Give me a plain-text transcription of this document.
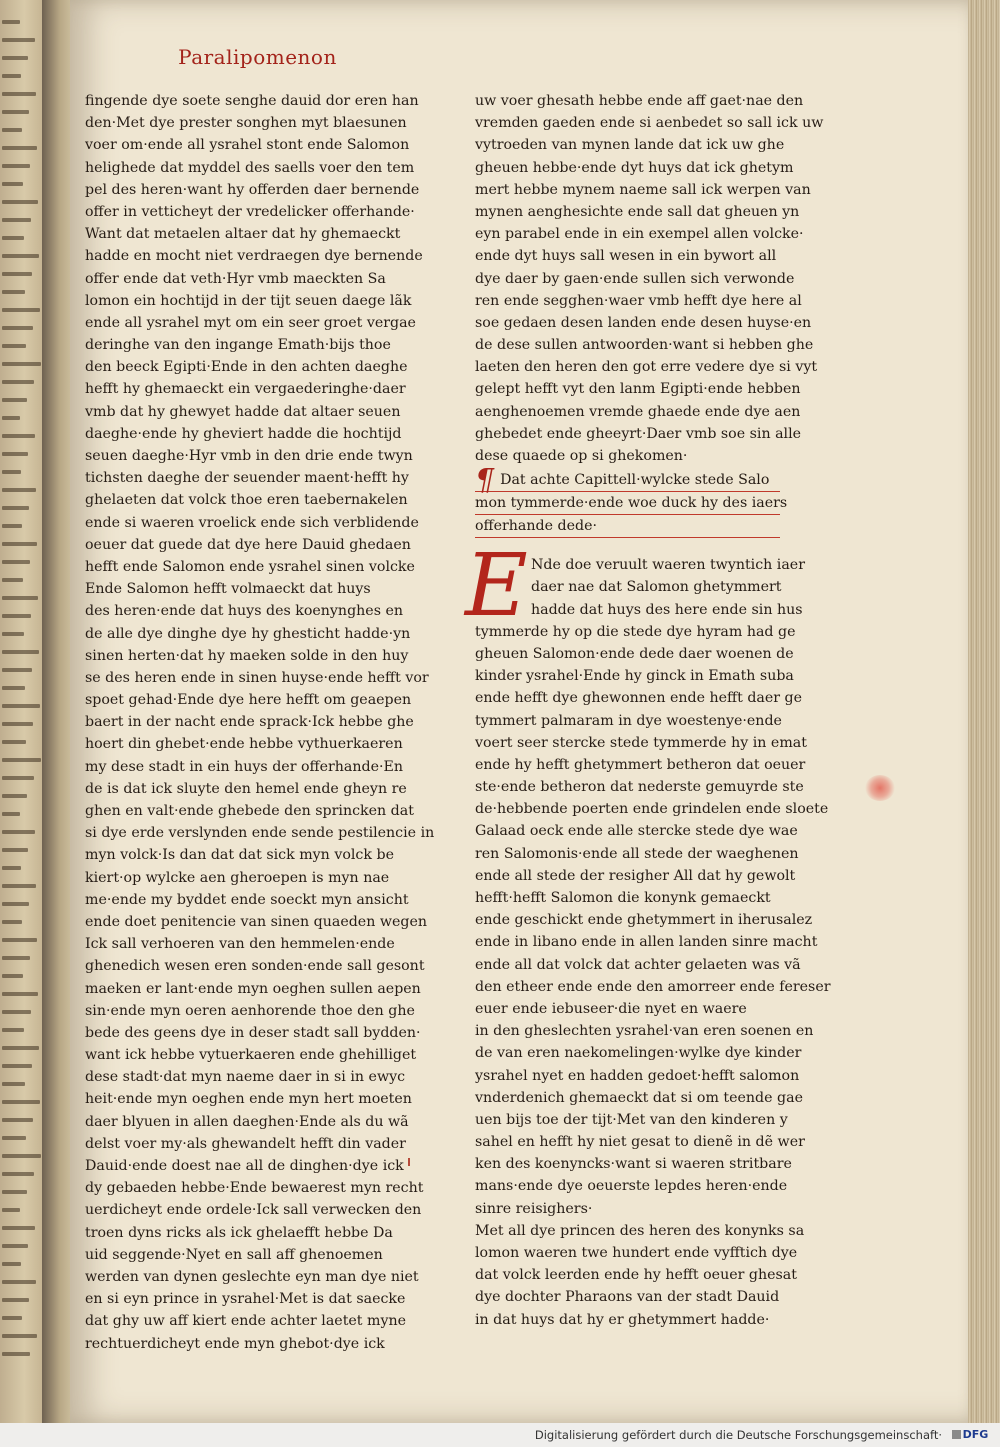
Paralipomenon
fingende dye soete senghe dauid dor eren han
den·Met dye prester songhen myt blaesunen
voer om·ende all ysrahel stont ende Salomon
helighede dat myddel des saells voer den tem
pel des heren·want hy offerden daer bernende
offer in vetticheyt der vredelicker offerhande·
Want dat metaelen altaer dat hy ghemaeckt
hadde en mocht niet verdraegen dye bernende
offer ende dat veth·Hyr vmb maeckten Sa
lomon ein hochtijd in der tijt seuen daege lãk
ende all ysrahel myt om ein seer groet vergae
deringhe van den ingange Emath·bijs thoe
den beeck Egipti·Ende in den achten daeghe
hefft hy ghemaeckt ein vergaederinghe·daer
vmb dat hy ghewyet hadde dat altaer seuen
daeghe·ende hy gheviert hadde die hochtijd
seuen daeghe·Hyr vmb in den drie ende twyn
tichsten daeghe der seuender maent·hefft hy
ghelaeten dat volck thoe eren taebernakelen
ende si waeren vroelick ende sich verblidende
oeuer dat guede dat dye here Dauid ghedaen
hefft ende Salomon ende ysrahel sinen volcke
Ende Salomon hefft volmaeckt dat huys
des heren·ende dat huys des koenynghes en
de alle dye dinghe dye hy ghesticht hadde·yn
sinen herten·dat hy maeken solde in den huy
se des heren ende in sinen huyse·ende hefft vor
spoet gehad·Ende dye here hefft om geaepen
baert in der nacht ende sprack·Ick hebbe ghe
hoert din ghebet·ende hebbe vythuerkaeren
my dese stadt in ein huys der offerhande·En
de is dat ick sluyte den hemel ende gheyn re
ghen en valt·ende ghebede den sprincken dat
si dye erde verslynden ende sende pestilencie in
myn volck·Is dan dat dat sick myn volck be
kiert·op wylcke aen gheroepen is myn nae
me·ende my byddet ende soeckt myn ansicht
ende doet penitencie van sinen quaeden wegen
Ick sall verhoeren van den hemmelen·ende
ghenedich wesen eren sonden·ende sall gesont
maeken er lant·ende myn oeghen sullen aepen
sin·ende myn oeren aenhorende thoe den ghe
bede des geens dye in deser stadt sall bydden·
want ick hebbe vytuerkaeren ende ghehilliget
dese stadt·dat myn naeme daer in si in ewyc
heit·ende myn oeghen ende myn hert moeten
daer blyuen in allen daeghen·Ende als du wã
delst voer my·als ghewandelt hefft din vader
Dauid·ende doest nae all de dinghen·dye ick
dy gebaeden hebbe·Ende bewaerest myn recht
uerdicheyt ende ordele·Ick sall verwecken den
troen dyns ricks als ick ghelaefft hebbe Da
uid seggende·Nyet en sall aff ghenoemen
werden van dynen geslechte eyn man dye niet
en si eyn prince in ysrahel·Met is dat saecke
dat ghy uw aff kiert ende achter laetet myne
rechtuerdicheyt ende myn ghebot·dye ick
uw voer ghesath hebbe ende aff gaet·nae den
vremden gaeden ende si aenbedet so sall ick uw
vytroeden van mynen lande dat ick uw ghe
gheuen hebbe·ende dyt huys dat ick ghetym
mert hebbe mynem naeme sall ick werpen van
mynen aenghesichte ende sall dat gheuen yn
eyn parabel ende in ein exempel allen volcke·
ende dyt huys sall wesen in ein bywort all
dye daer by gaen·ende sullen sich verwonde
ren ende segghen·waer vmb hefft dye here al
soe gedaen desen landen ende desen huyse·en
de dese sullen antwoorden·want si hebben ghe
laeten den heren den got erre vedere dye si vyt
gelept hefft vyt den lanm Egipti·ende hebben
aenghenoemen vremde ghaede ende dye aen
ghebedet ende gheeyrt·Daer vmb soe sin alle
dese quaede op si ghekomen·
¶ Dat achte Capittell·wylcke stede Salo
mon tymmerde·ende woe duck hy des iaers
offerhande dede·
E Nde doe veruult waeren twyntich iaer
daer nae dat Salomon ghetymmert
hadde dat huys des here ende sin hus
tymmerde hy op die stede dye hyram had ge
gheuen Salomon·ende dede daer woenen de
kinder ysrahel·Ende hy ginck in Emath suba
ende hefft dye ghewonnen ende hefft daer ge
tymmert palmaram in dye woestenye·ende
voert seer stercke stede tymmerde hy in emat
ende hy hefft ghetymmert betheron dat oeuer
ste·ende betheron dat nederste gemuyrde ste
de·hebbende poerten ende grindelen ende sloete
Galaad oeck ende alle stercke stede dye wae
ren Salomonis·ende all stede der waeghenen
ende all stede der resigher All dat hy gewolt
hefft·hefft Salomon die konynk gemaeckt
ende geschickt ende ghetymmert in iherusalez
ende in libano ende in allen landen sinre macht
ende all dat volck dat achter gelaeten was vã
den etheer ende ende den amorreer ende fereser
euer ende iebuseer·die nyet en waere
in den gheslechten ysrahel·van eren soenen en
de van eren naekomelingen·wylke dye kinder
ysrahel nyet en hadden gedoet·hefft salomon
vnderdenich ghemaeckt dat si om teende gae
uen bijs toe der tijt·Met van den kinderen y
sahel en hefft hy niet gesat to dienẽ in dẽ wer
ken des koenyncks·want si waeren stritbare
mans·ende dye oeuerste lepdes heren·ende
sinre reisighers·
Met all dye princen des heren des konynks sa
lomon waeren twe hundert ende vyfftich dye
dat volck leerden ende hy hefft oeuer ghesat
dye dochter Pharaons van der stadt Dauid
in dat huys dat hy er ghetymmert hadde·
Digitalisierung gefördert durch die Deutsche Forschungsgemeinschaft·	DFG
